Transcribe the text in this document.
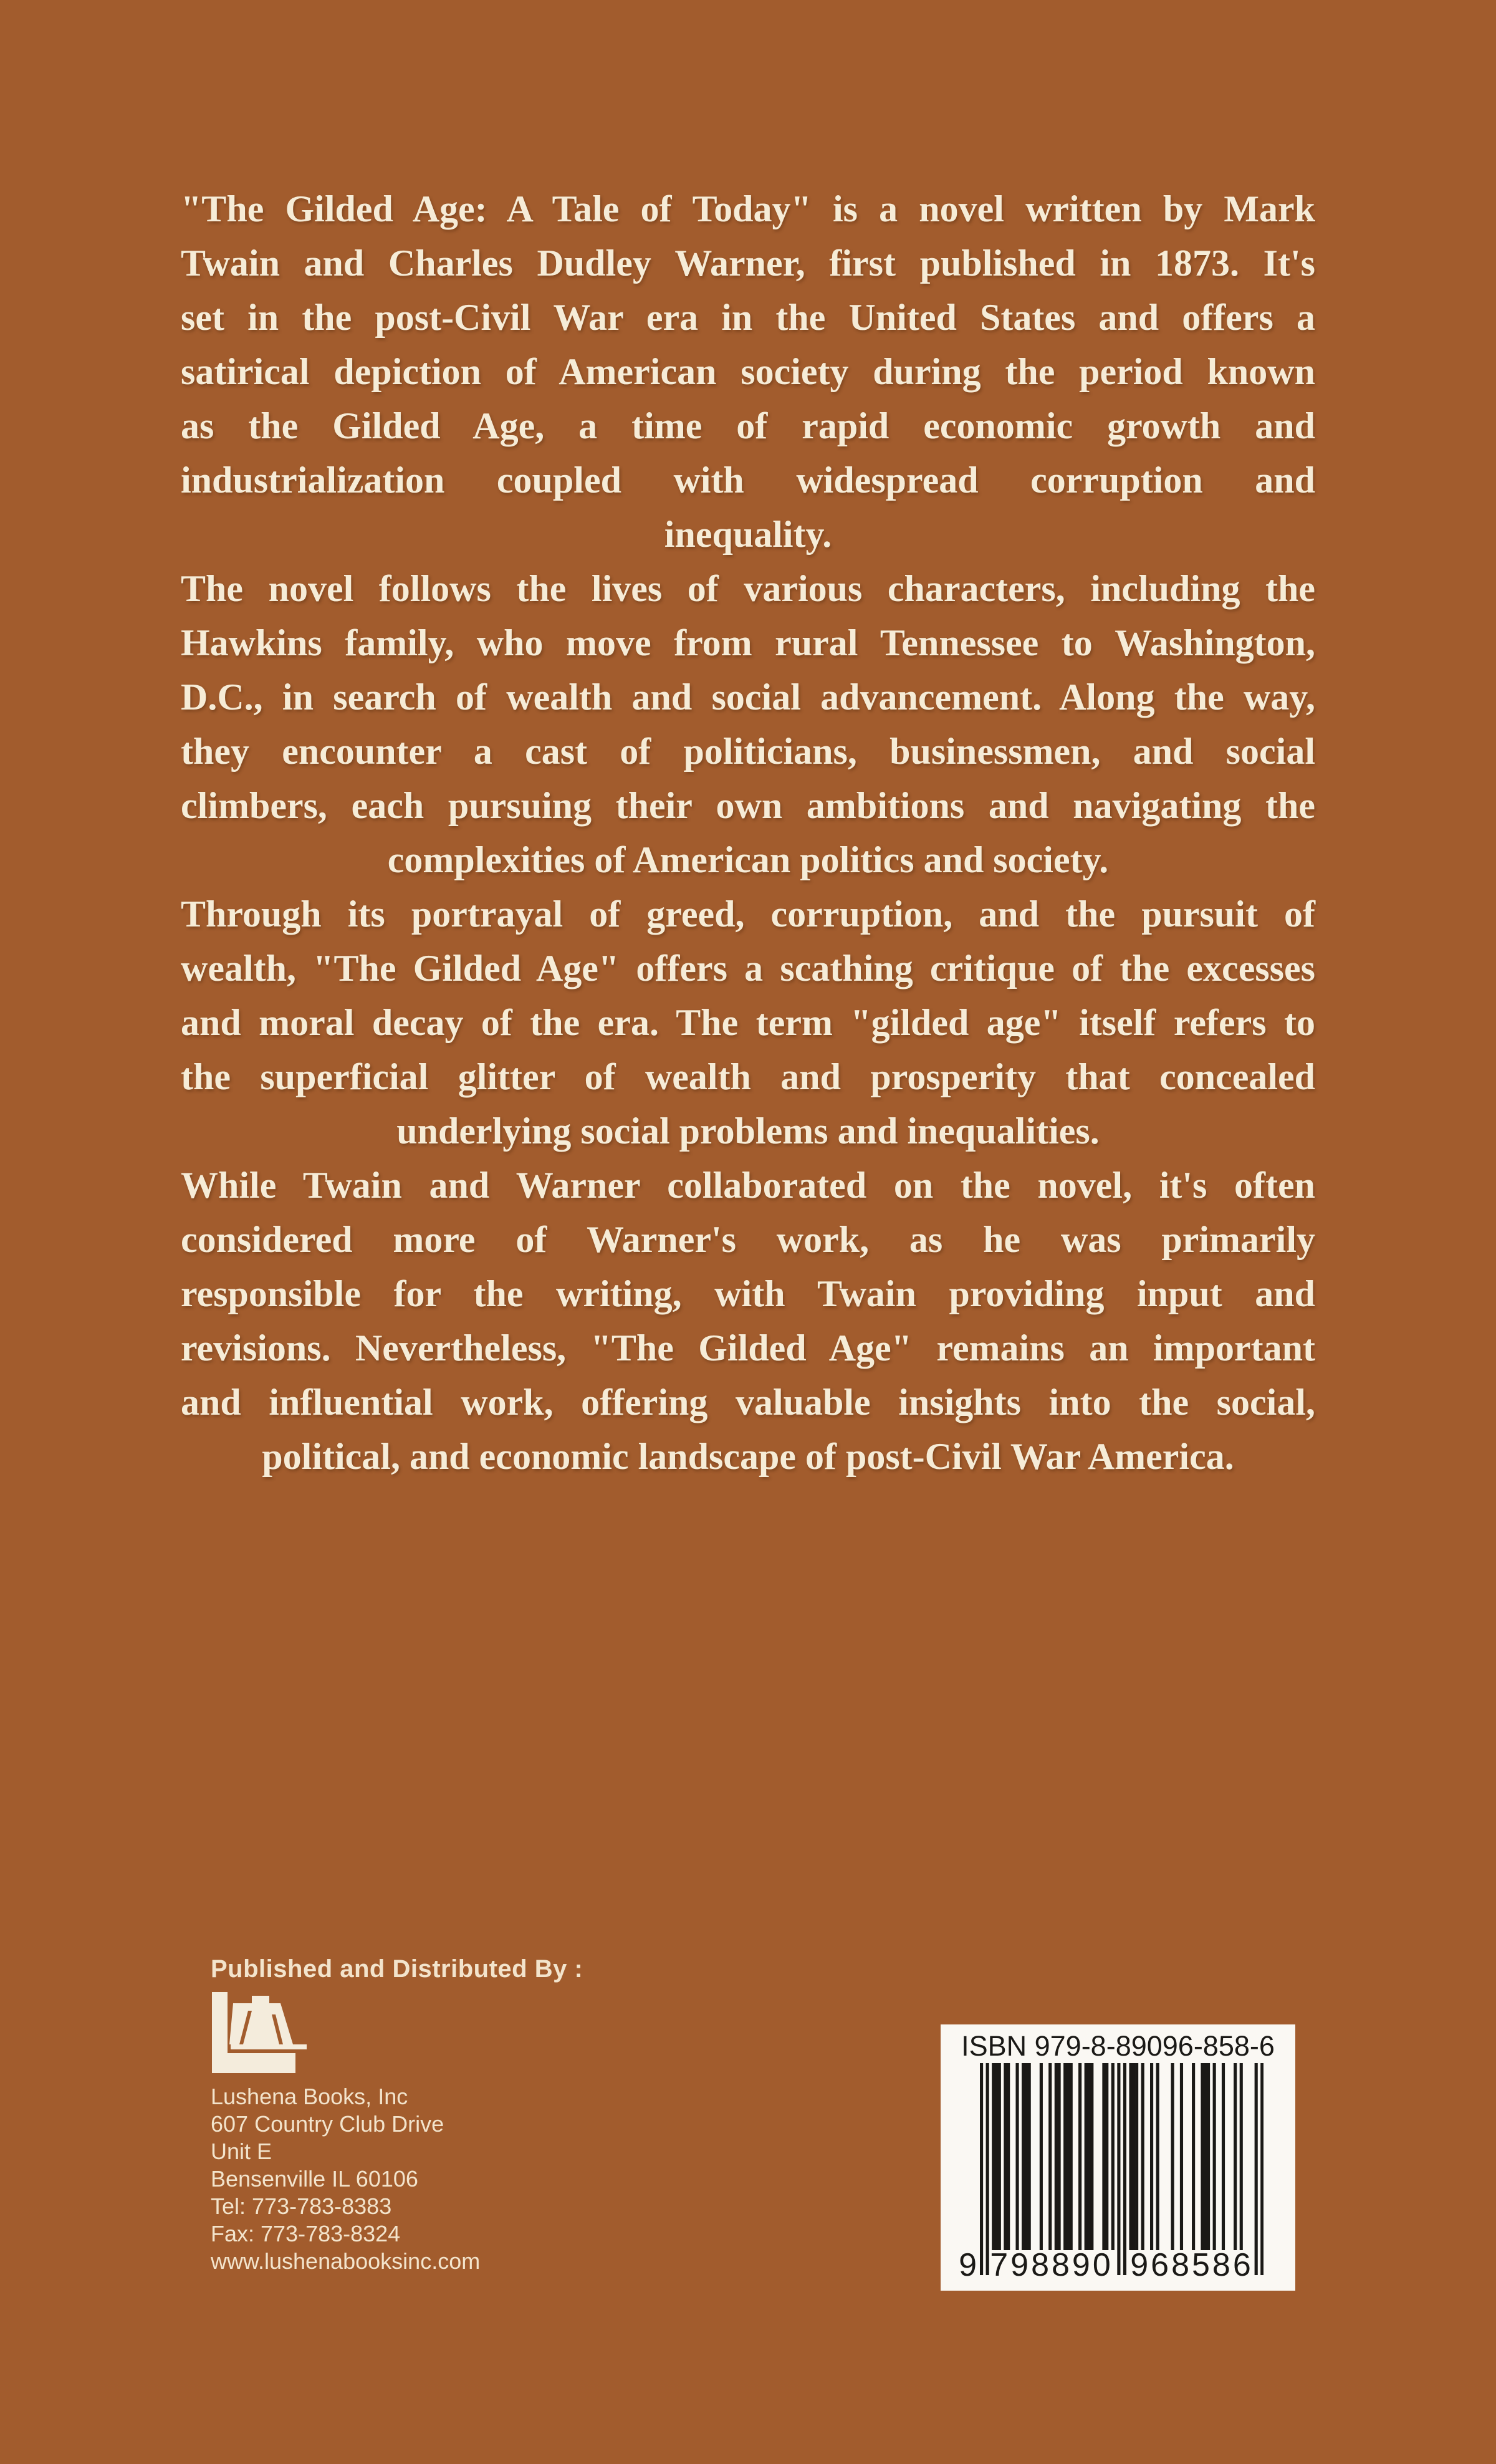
"The Gilded Age: A Tale of Today" is a novel written by Mark
Twain and Charles Dudley Warner, first published in 1873. It's
set in the post-Civil War era in the United States and offers a
satirical depiction of American society during the period known
as the Gilded Age, a time of rapid economic growth and
industrialization coupled with widespread corruption and
inequality.
The novel follows the lives of various characters, including the
Hawkins family, who move from rural Tennessee to Washington,
D.C., in search of wealth and social advancement. Along the way,
they encounter a cast of politicians, businessmen, and social
climbers, each pursuing their own ambitions and navigating the
complexities of American politics and society.
Through its portrayal of greed, corruption, and the pursuit of
wealth, "The Gilded Age" offers a scathing critique of the excesses
and moral decay of the era. The term "gilded age" itself refers to
the superficial glitter of wealth and prosperity that concealed
underlying social problems and inequalities.
While Twain and Warner collaborated on the novel, it's often
considered more of Warner's work, as he was primarily
responsible for the writing, with Twain providing input and
revisions. Nevertheless, "The Gilded Age" remains an important
and influential work, offering valuable insights into the social,
political, and economic landscape of post-Civil War America.
Published and Distributed By :
Lushena Books, Inc
607 Country Club Drive
Unit E
Bensenville IL 60106
Tel: 773-783-8383
Fax: 773-783-8324
www.lushenabooksinc.com
ISBN 979-8-89096-858-6
9 798890 968586
